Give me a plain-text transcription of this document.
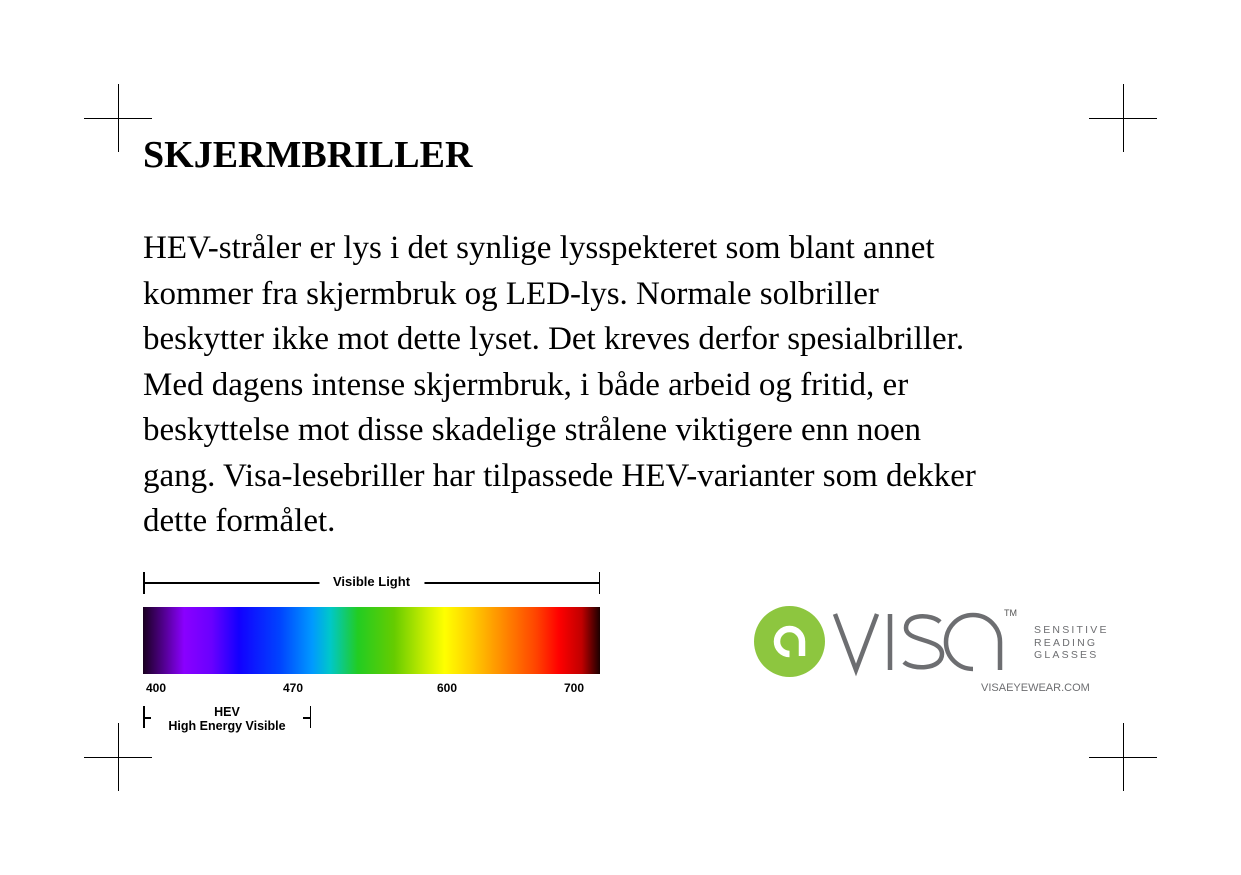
SKJERMBRILLER
HEV-stråler er lys i det synlige lysspekteret som blant annet
kommer fra skjermbruk og LED-lys. Normale solbriller
beskytter ikke mot dette lyset. Det kreves derfor spesialbriller.
Med dagens intense skjermbruk, i både arbeid og fritid, er
beskyttelse mot disse skadelige strålene viktigere enn noen
gang. Visa-lesebriller har tilpassede HEV-varianter som dekker
dette formålet.
Visible Light
400	470	600	700
HEV
High Energy Visible
TM
SENSITIVE
READING
GLASSES
VISAEYEWEAR.COM
